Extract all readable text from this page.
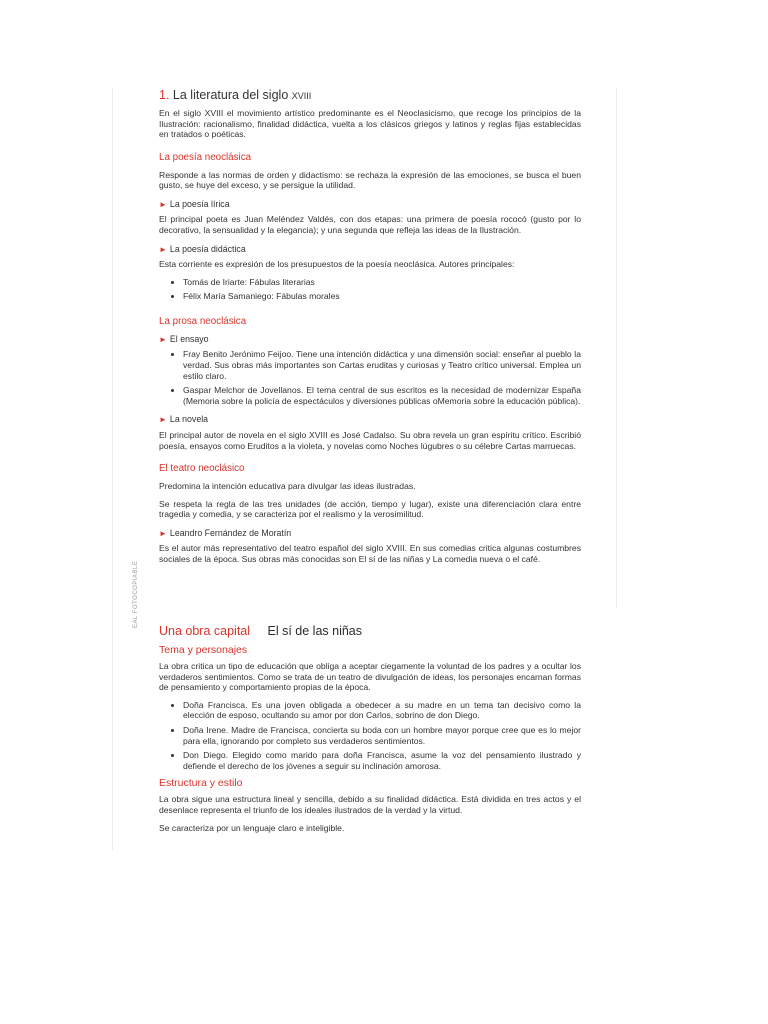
EAL FOTOCOPIABLE
1. La literatura del siglo XVIII

En el siglo XVIII el movimiento artístico predominante es el Neoclasicismo, que recoge los principios de la Ilustración: racionalismo, finalidad didáctica, vuelta a los clásicos griegos y latinos y reglas fijas establecidas en tratados o poéticas.

La poesía neoclásica

Responde a las normas de orden y didactismo: se rechaza la expresión de las emociones, se busca el buen gusto, se huye del exceso, y se persigue la utilidad.

► La poesía lírica

El principal poeta es Juan Meléndez Valdés, con dos etapas: una primera de poesía rococó (gusto por lo decorativo, la sensualidad y la elegancia); y una segunda que refleja las ideas de la Ilustración.

► La poesía didáctica

Esta corriente es expresión de los presupuestos de la poesía neoclásica. Autores principales:

• Tomás de Iriarte: Fábulas literarias
• Félix María Samaniego: Fábulas morales
La prosa neoclásica
► El ensayo
• Fray Benito Jerónimo Feijoo. Tiene una intención didáctica y una dimensión social: enseñar al pueblo la verdad. Sus obras más importantes son Cartas eruditas y curiosas y Teatro crítico universal. Emplea un estilo claro.
• Gaspar Melchor de Jovellanos. El tema central de sus escritos es la necesidad de modernizar España (Memoria sobre la policía de espectáculos y diversiones públicas oMemoria sobre la educación pública).
► La novela

El principal autor de novela en el siglo XVIII es José Cadalso. Su obra revela un gran espíritu crítico. Escribió poesía, ensayos como Eruditos a la violeta, y novelas como Noches lúgubres o su célebre Cartas marruecas.

El teatro neoclásico

Predomina la intención educativa para divulgar las ideas ilustradas.

Se respeta la regla de las tres unidades (de acción, tiempo y lugar), existe una diferenciación clara entre tragedia y comedia, y se caracteriza por el realismo y la verosimilitud.

► Leandro Fernández de Moratín

Es el autor más representativo del teatro español del siglo XVIII. En sus comedias critica algunas costumbres sociales de la época. Sus obras más conocidas son El sí de las niñas y La comedia nueva o el café.

Una obra capital El sí de las niñas
Tema y personajes

La obra critica un tipo de educación que obliga a aceptar ciegamente la voluntad de los padres y a ocultar los verdaderos sentimientos. Como se trata de un teatro de divulgación de ideas, los personajes encarnan formas de pensamiento y comportamiento propias de la época.

• Doña Francisca. Es una joven obligada a obedecer a su madre en un tema tan decisivo como la elección de esposo, ocultando su amor por don Carlos, sobrino de don Diego.
• Doña Irene. Madre de Francisca, concierta su boda con un hombre mayor porque cree que es lo mejor para ella, ignorando por completo sus verdaderos sentimientos.
• Don Diego. Elegido como marido para doña Francisca, asume la voz del pensamiento ilustrado y defiende el derecho de los jóvenes a seguir su inclinación amorosa.
Estructura y estilo

La obra sigue una estructura lineal y sencilla, debido a su finalidad didáctica. Está dividida en tres actos y el desenlace representa el triunfo de los ideales ilustrados de la verdad y la virtud.

Se caracteriza por un lenguaje claro e inteligible.
